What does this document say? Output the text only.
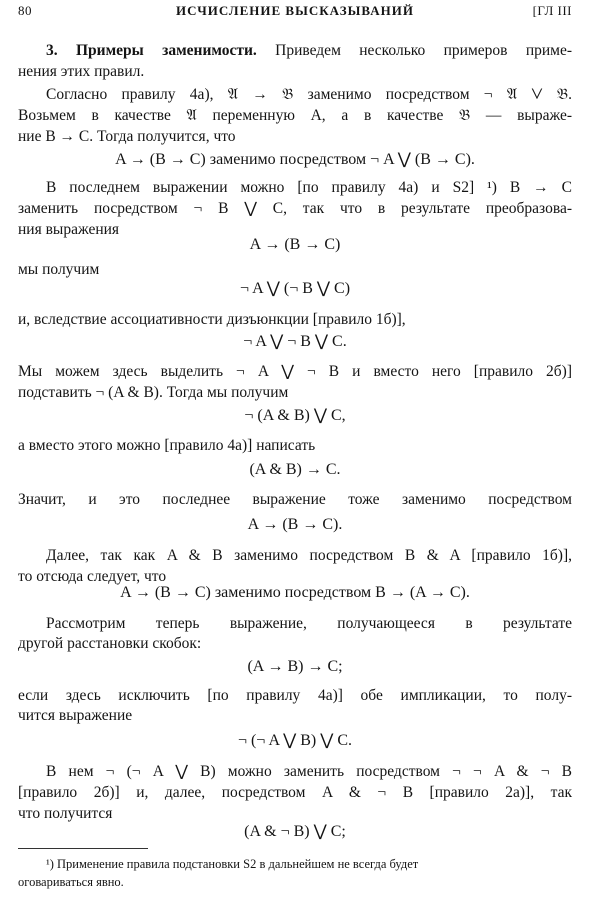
80	ИСЧИСЛЕНИЕ ВЫСКАЗЫВАНИЙ	[ГЛ III
3. Примеры заменимости. Приведем несколько примеров приме-
нения этих правил.
Согласно правилу 4а), 𝔄 → 𝔅 заменимо посредством ¬ 𝔄 ⋁ 𝔅.
Возьмем в качестве 𝔄 переменную A, а в качестве 𝔅 — выраже-
ние B → C. Тогда получится, что
A → (B → C) заменимо посредством ¬ A ⋁ (B → C).
В последнем выражении можно [по правилу 4а) и S2] ¹) B → C
заменить посредством ¬ B ⋁ C, так что в результате преобразова-
ния выражения
A → (B → C)
мы получим
¬ A ⋁ (¬ B ⋁ C)
и, вследствие ассоциативности дизъюнкции [правило 1б)],
¬ A ⋁ ¬ B ⋁ C.
Мы можем здесь выделить ¬ A ⋁ ¬ B и вместо него [правило 2б)]
подставить ¬ (A & B). Тогда мы получим
¬ (A & B) ⋁ C,
а вместо этого можно [правило 4а)] написать
(A & B) → C.
Значит, и это последнее выражение тоже заменимо посредством
A → (B → C).
Далее, так как A & B заменимо посредством B & A [правило 1б)],
то отсюда следует, что
A → (B → C) заменимо посредством B → (A → C).
Рассмотрим теперь выражение, получающееся в результате
другой расстановки скобок:
(A → B) → C;
если здесь исключить [по правилу 4а)] обе импликации, то полу-
чится выражение
¬ (¬ A ⋁ B) ⋁ C.
В нем ¬ (¬ A ⋁ B) можно заменить посредством ¬ ¬ A & ¬ B
[правило 2б)] и, далее, посредством A & ¬ B [правило 2а)], так
что получится
(A & ¬ B) ⋁ C;
¹) Применение правила подстановки S2 в дальнейшем не всегда будет
оговариваться явно.
